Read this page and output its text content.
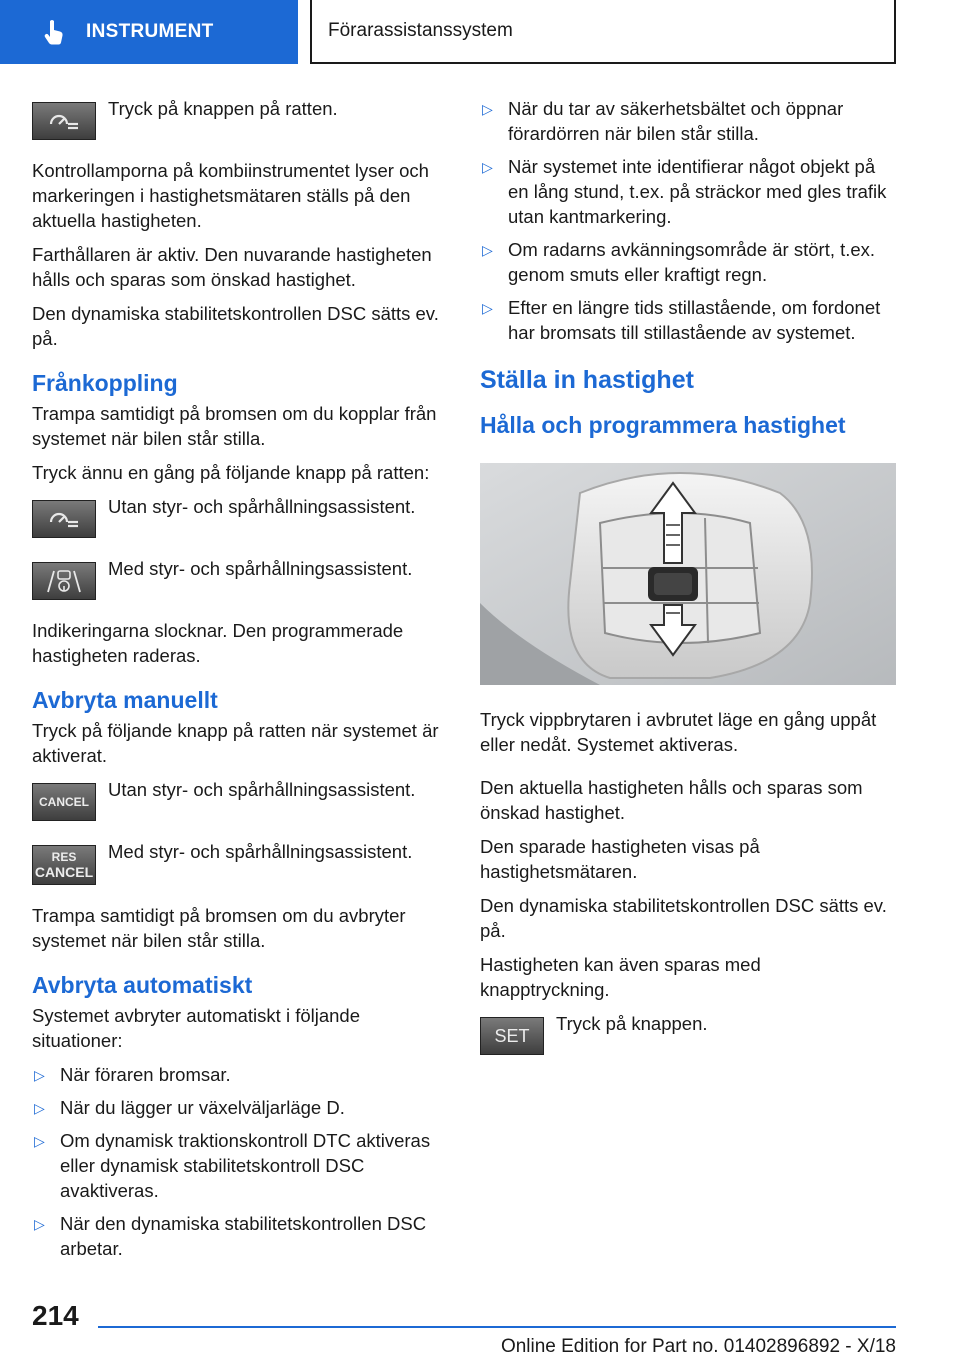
INSTRUMENT	Förarassistanssystem
Tryck på knappen på ratten.

Kontrollamporna på kombiinstrumentet lyser och markeringen i hastighetsmätaren ställs på den aktuella hastigheten.

Farthållaren är aktiv. Den nuvarande hastigheten hålls och sparas som önskad hastighet.

Den dynamiska stabilitetskontrollen DSC sätts ev. på.

Frånkoppling

Trampa samtidigt på bromsen om du kopplar från systemet när bilen står stilla.

Tryck ännu en gång på följande knapp på ratten:

Utan styr- och spårhållningsassistent.
Med styr- och spårhållningsassistent.

Indikeringarna slocknar. Den programmerade hastigheten raderas.

Avbryta manuellt

Tryck på följande knapp på ratten när systemet är aktiverat.

CANCEL
Utan styr- och spårhållningsassistent.
RES
CANCEL
Med styr- och spårhållningsassistent.

Trampa samtidigt på bromsen om du avbryter systemet när bilen står stilla.

Avbryta automatiskt

Systemet avbryter automatiskt i följande situationer:

▷ När föraren bromsar.
▷ När du lägger ur växelväljarläge D.
▷ Om dynamisk traktionskontroll DTC aktiveras eller dynamisk stabilitetskontroll DSC avaktiveras.
▷ När den dynamiska stabilitetskontrollen DSC arbetar.
▷ När du tar av säkerhetsbältet och öppnar förardörren när bilen står stilla.
▷ När systemet inte identifierar något objekt på en lång stund, t.ex. på sträckor med gles trafik utan kantmarkering.
▷ Om radarns avkänningsområde är stört, t.ex. genom smuts eller kraftigt regn.
▷ Efter en längre tids stillastående, om fordonet har bromsats till stillastående av systemet.
Ställa in hastighet
Hålla och programmera hastighet

Tryck vippbrytaren i avbrutet läge en gång uppåt eller nedåt. Systemet aktiveras.

Den aktuella hastigheten hålls och sparas som önskad hastighet.

Den sparade hastigheten visas på hastighetsmätaren.

Den dynamiska stabilitetskontrollen DSC sätts ev. på.

Hastigheten kan även sparas med knapptryckning.

SET
Tryck på knappen.
214
Online Edition for Part no. 01402896892 - X/18
